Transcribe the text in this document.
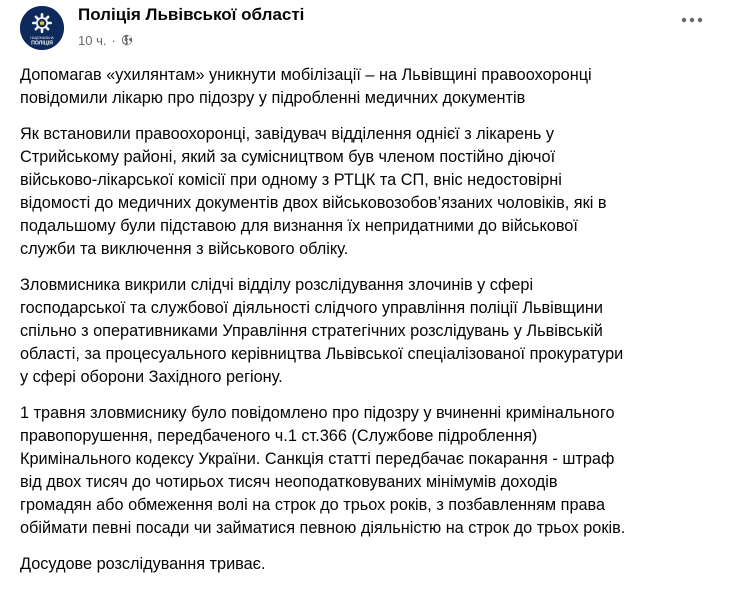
НАЦІОНАЛЬНА
ПОЛІЦІЯ
Поліція Львівської області
10 ч. ·

Допомагав «ухилянтам» уникнути мобілізації – на Львівщині правоохоронці
повідомили лікарю про підозру у підробленні медичних документів

Як встановили правоохоронці, завідувач відділення однієї з лікарень у
Стрийському районі, який за сумісництвом був членом постійно діючої
військово-лікарської комісії при одному з РТЦК та СП, вніс недостовірні
відомості до медичних документів двох військовозобов’язаних чоловіків, які в
подальшому були підставою для визнання їх непридатними до військової
служби та виключення з військового обліку.

Зловмисника викрили слідчі відділу розслідування злочинів у сфері
господарської та службової діяльності слідчого управління поліції Львівщини
спільно з оперативниками Управління стратегічних розслідувань у Львівській
області, за процесуального керівництва Львівської спеціалізованої прокуратури
у сфері оборони Західного регіону.

1 травня зловмиснику було повідомлено про підозру у вчиненні кримінального
правопорушення, передбаченого ч.1 ст.366 (Службове підроблення)
Кримінального кодексу України. Санкція статті передбачає покарання - штраф
від двох тисяч до чотирьох тисяч неоподатковуваних мінімумів доходів
громадян або обмеження волі на строк до трьох років, з позбавленням права
обіймати певні посади чи займатися певною діяльністю на строк до трьох років.

Досудове розслідування триває.
